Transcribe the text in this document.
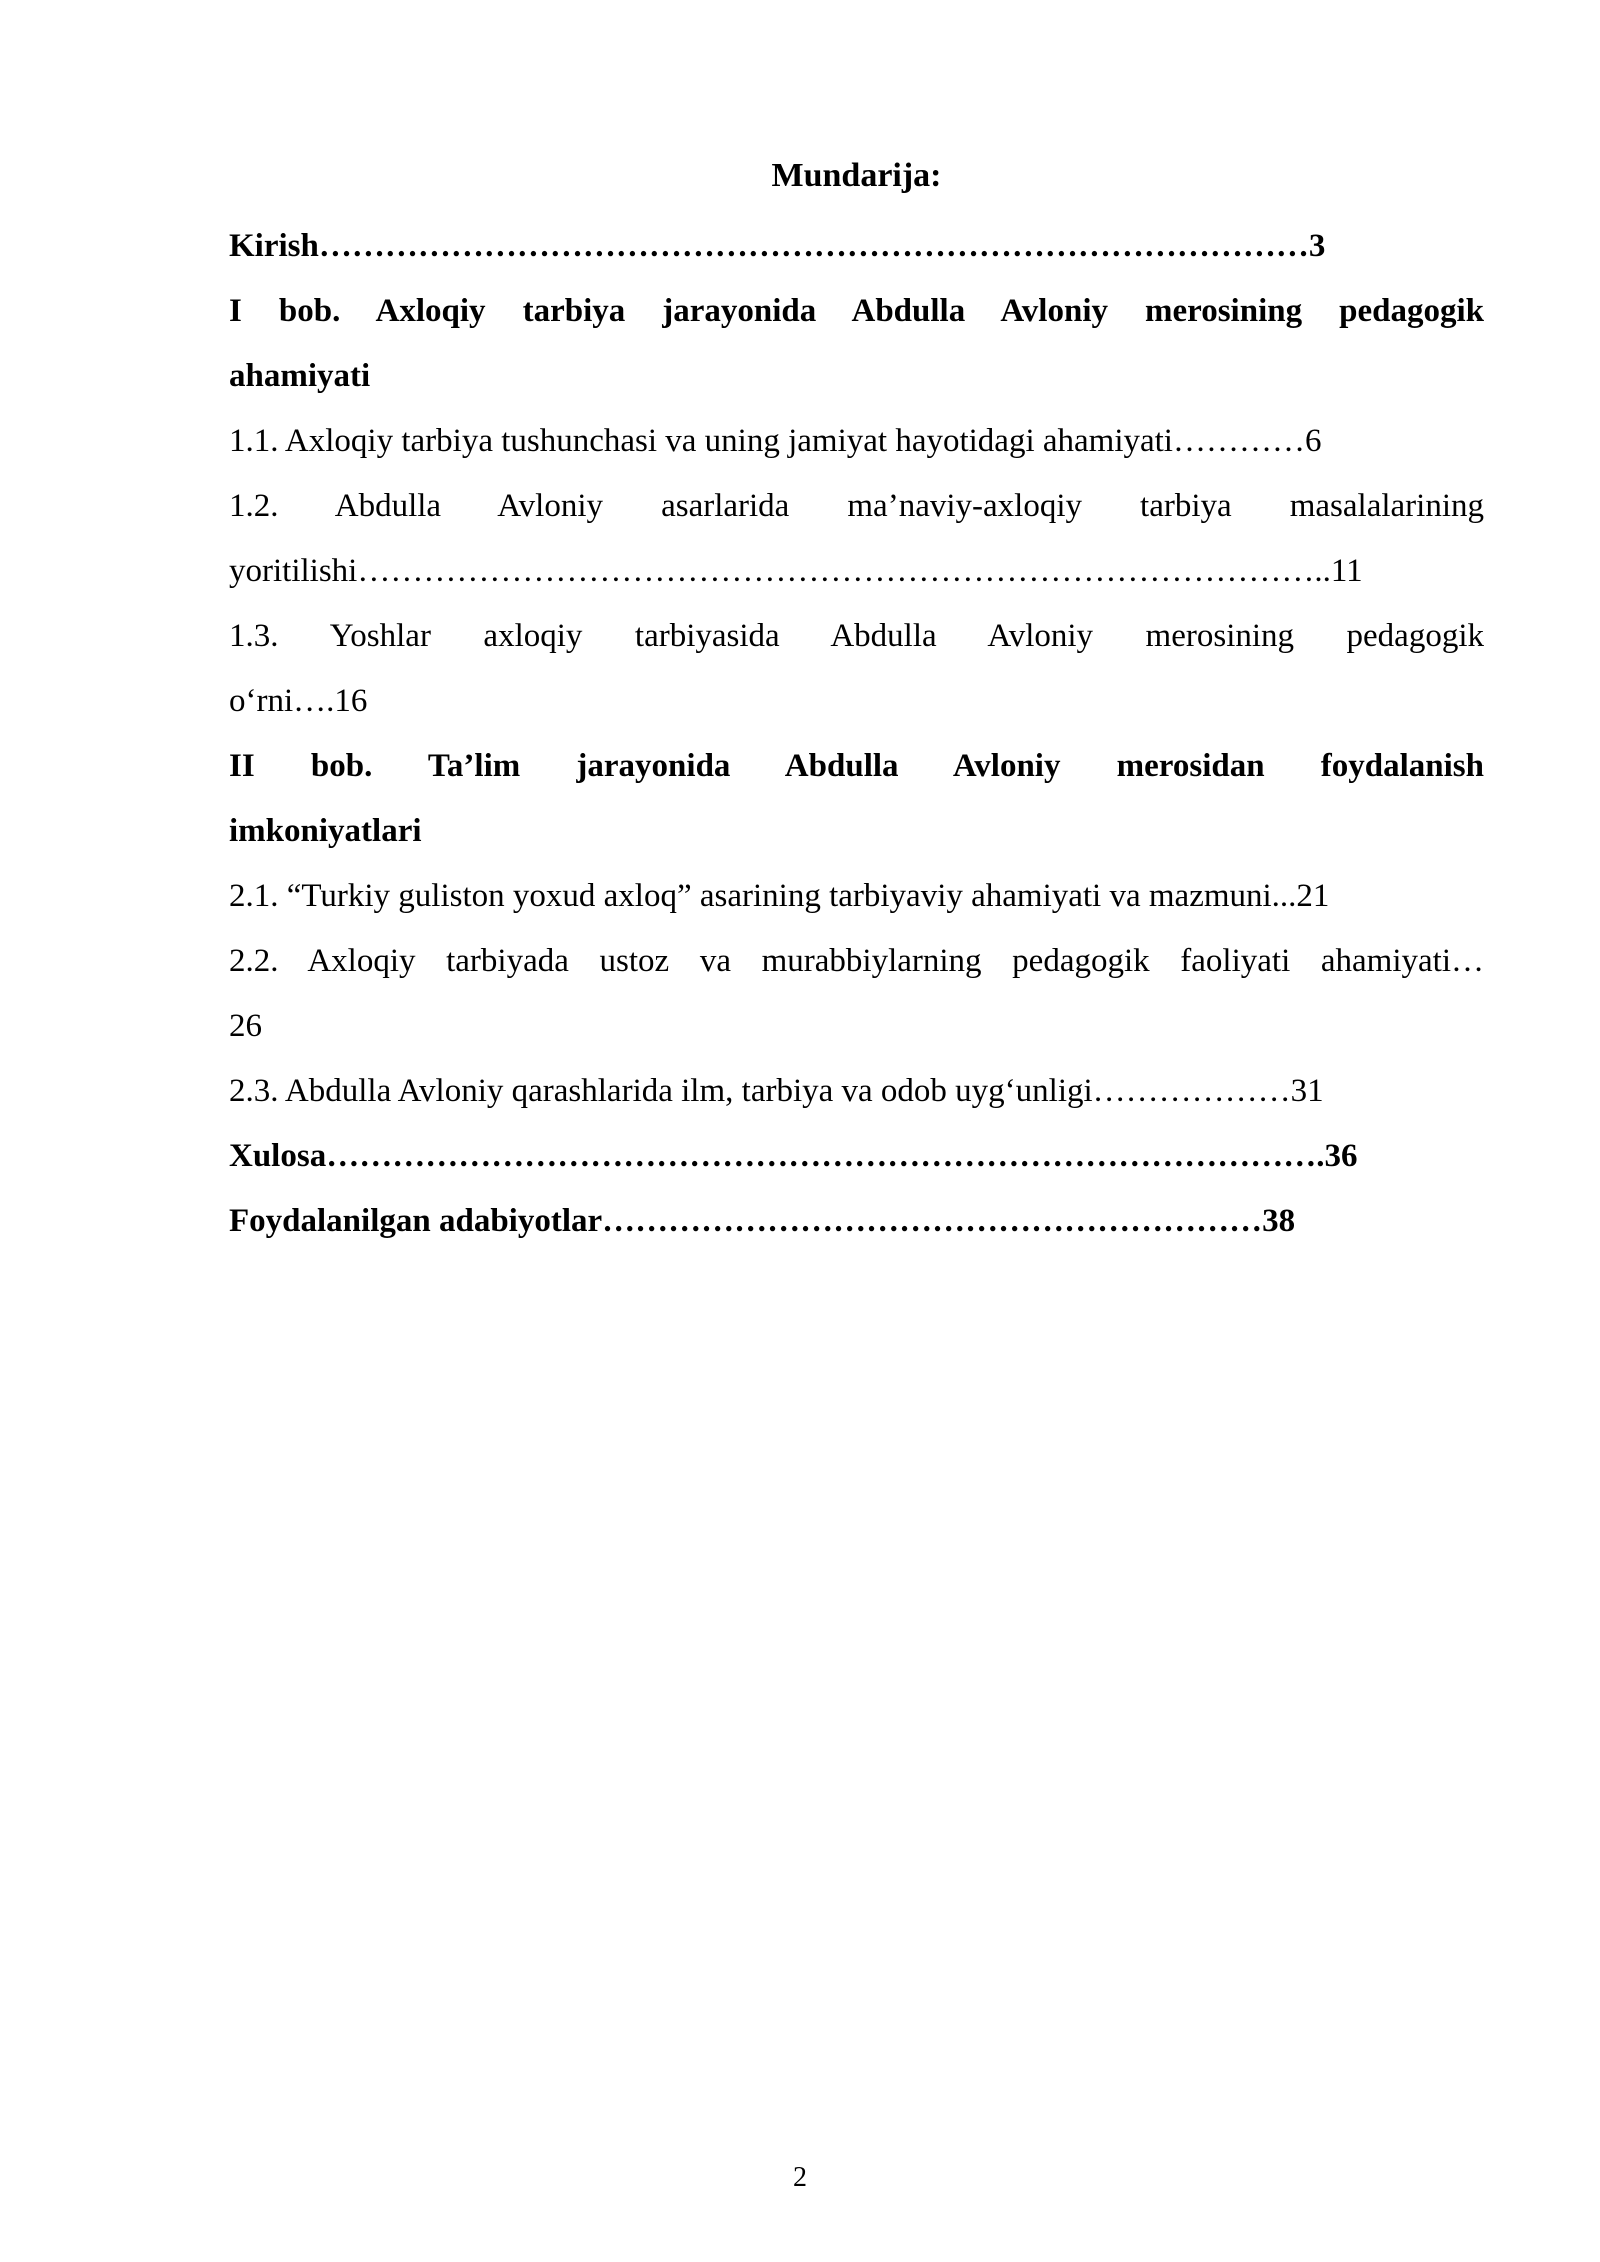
Mundarija:
Kirish………………………………………………………………………………3
I bob. Axloqiy tarbiya jarayonida Abdulla Avloniy merosining pedagogik
ahamiyati
1.1. Axloqiy tarbiya tushunchasi va uning jamiyat hayotidagi ahamiyati…………6
1.2. Abdulla Avloniy asarlarida ma’naviy-axloqiy tarbiya masalalarining
yoritilishi……………………………………………………………………………..11
1.3. Yoshlar axloqiy tarbiyasida Abdulla Avloniy merosining pedagogik
o‘rni….16
II bob. Ta’lim jarayonida Abdulla Avloniy merosidan foydalanish
imkoniyatlari
2.1. “Turkiy guliston yoxud axloq” asarining tarbiyaviy ahamiyati va mazmuni...21
2.2. Axloqiy tarbiyada ustoz va murabbiylarning pedagogik faoliyati ahamiyati…
26
2.3. Abdulla Avloniy qarashlarida ilm, tarbiya va odob uyg‘unligi………………31
Xulosa……………………………………………………………………………….36
Foydalanilgan adabiyotlar……………………………………………………38
2
